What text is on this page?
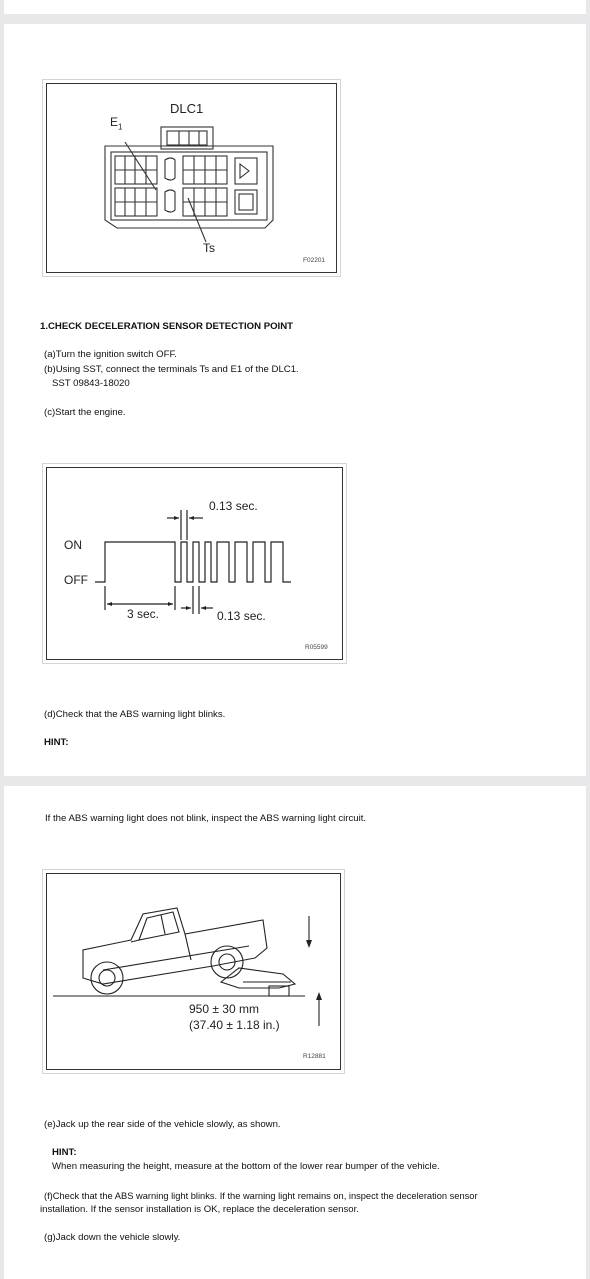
DLC1
$E_1$
Ts
F02201
1.CHECK DECELERATION SENSOR DETECTION POINT
(a)Turn the ignition switch OFF.
(b)Using SST, connect the terminals Ts and E1 of the DLC1.
SST 09843-18020
(c)Start the engine.
ON
OFF
0.13 sec.
3 sec.	0.13 sec.
R05599
(d)Check that the ABS warning light blinks.
HINT:
If the ABS warning light does not blink, inspect the ABS warning light circuit.
950 ± 30 mm
(37.40 ± 1.18 in.)
R12881
(e)Jack up the rear side of the vehicle slowly, as shown.
HINT:
When measuring the height, measure at the bottom of the lower rear bumper of the vehicle.
(f)Check that the ABS warning light blinks. If the warning light remains on, inspect the deceleration sensor
installation. If the sensor installation is OK, replace the deceleration sensor.
(g)Jack down the vehicle slowly.
